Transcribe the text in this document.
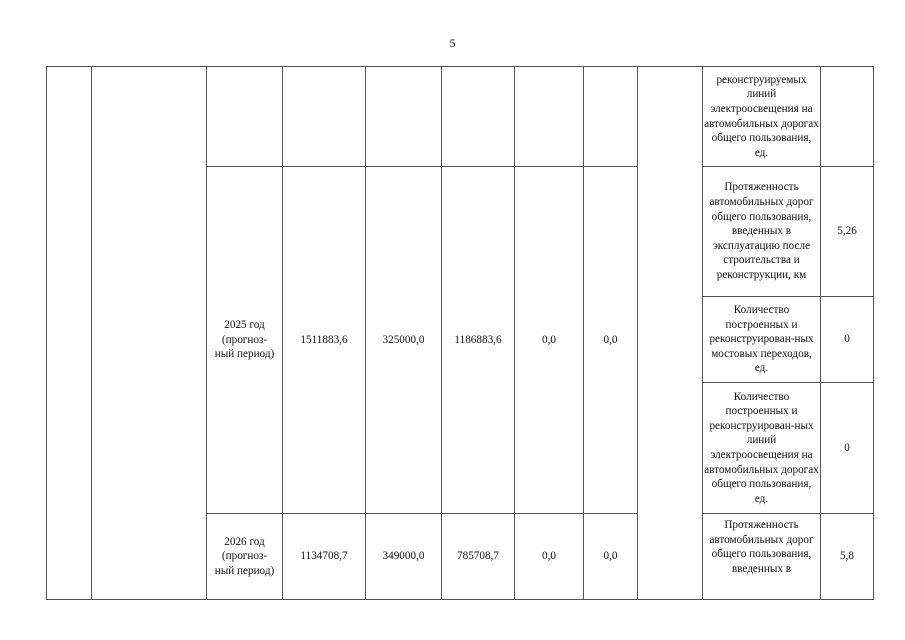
5
									реконструируемых линий электроосвещения на автомобильных дорогах общего пользования, ед.	

		2025 год
(прогноз-
ный период)	1511883,6	325000,0	1186883,6	0,0	0,0		Протяженность автомобильных дорог общего пользования, введенных в эксплуатацию после строительства и реконструкции, км	5,26
									Количество построенных и реконструирован-ных мостовых переходов, ед.	0
									Количество построенных и реконструирован-ных линий электроосвещения на автомобильных дорогах общего пользования, ед.	0

		2026 год
(прогноз-
ный период)	1134708,7	349000,0	785708,7	0,0	0,0		Протяженность автомобильных дорог общего пользования, введенных в	5,8
